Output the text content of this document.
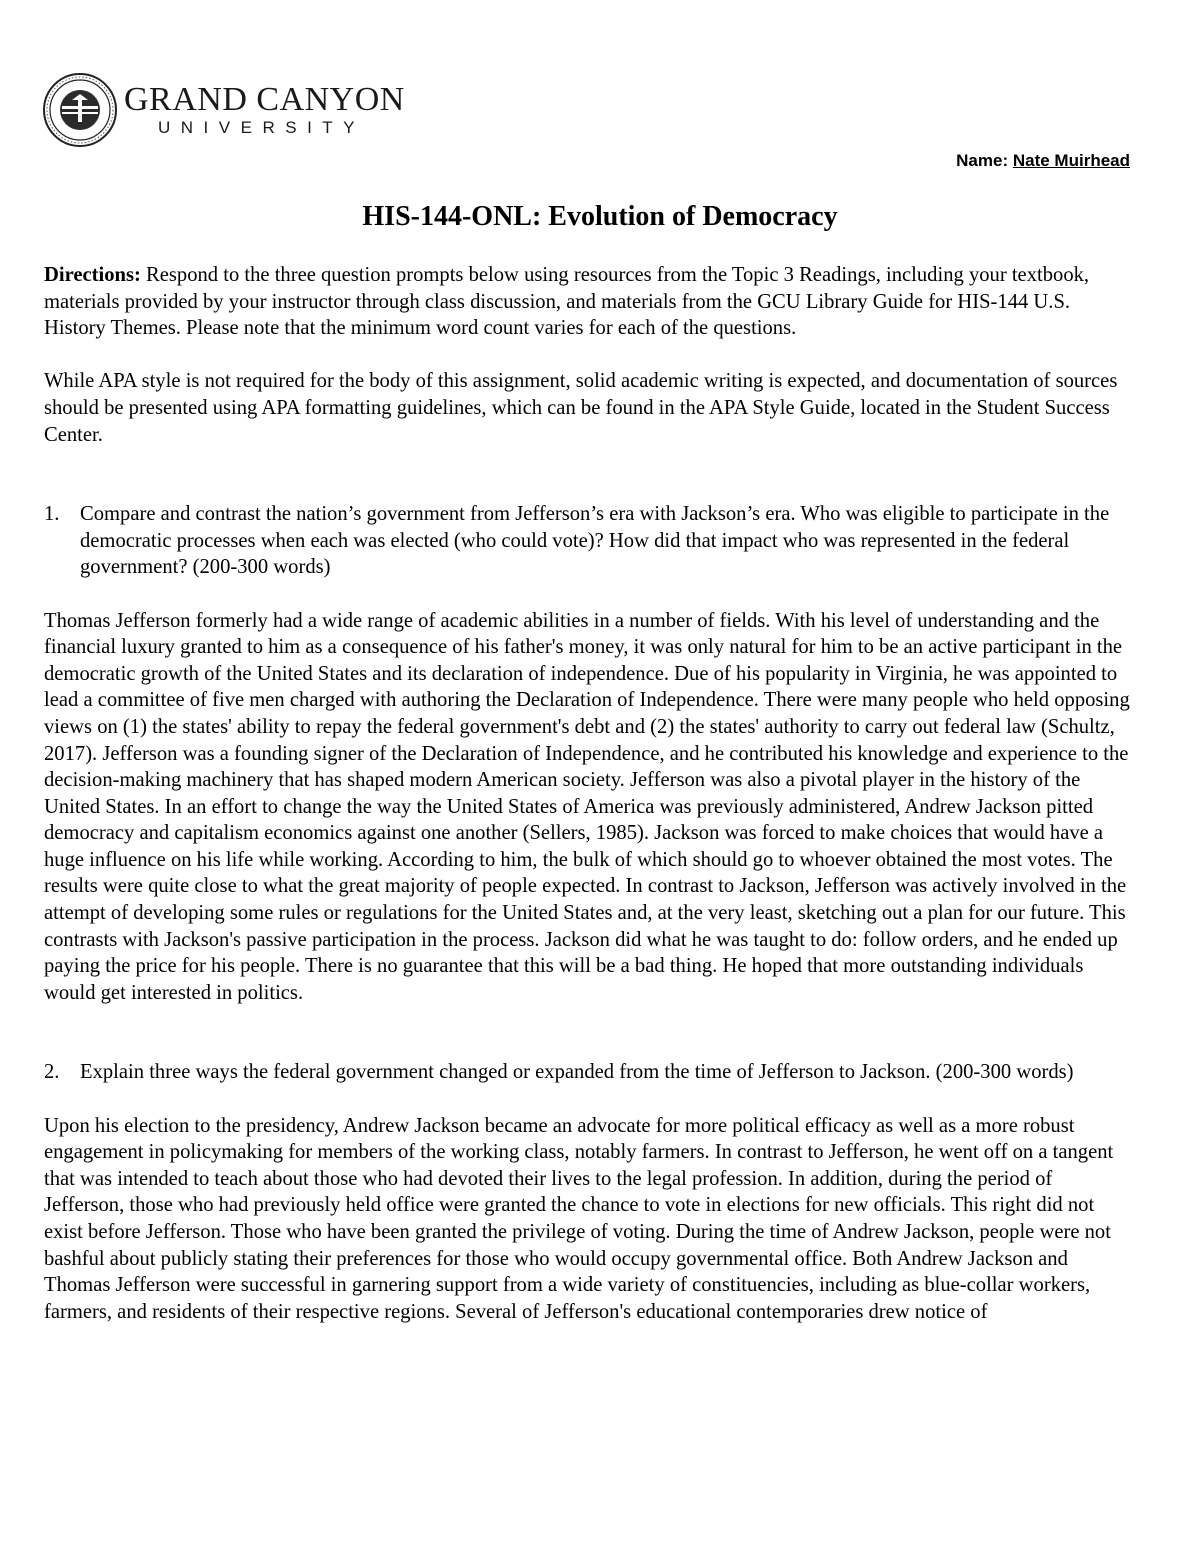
GRAND CANYON
UNIVERSITY
Name: Nate Muirhead
HIS-144-ONL: Evolution of Democracy

Directions: Respond to the three question prompts below using resources from the Topic 3 Readings, including your textbook, materials provided by your instructor through class discussion, and materials from the GCU Library Guide for HIS-144 U.S. History Themes. Please note that the minimum word count varies for each of the questions.

While APA style is not required for the body of this assignment, solid academic writing is expected, and documentation of sources should be presented using APA formatting guidelines, which can be found in the APA Style Guide, located in the Student Success Center.

1. Compare and contrast the nation’s government from Jefferson’s era with Jackson’s era. Who was eligible to participate in the democratic processes when each was elected (who could vote)? How did that impact who was represented in the federal government? (200-300 words)

Thomas Jefferson formerly had a wide range of academic abilities in a number of fields. With his level of understanding and the financial luxury granted to him as a consequence of his father's money, it was only natural for him to be an active participant in the democratic growth of the United States and its declaration of independence. Due of his popularity in Virginia, he was appointed to lead a committee of five men charged with authoring the Declaration of Independence. There were many people who held opposing views on (1) the states' ability to repay the federal government's debt and (2) the states' authority to carry out federal law (Schultz, 2017). Jefferson was a founding signer of the Declaration of Independence, and he contributed his knowledge and experience to the decision-making machinery that has shaped modern American society. Jefferson was also a pivotal player in the history of the United States. In an effort to change the way the United States of America was previously administered, Andrew Jackson pitted democracy and capitalism economics against one another (Sellers, 1985). Jackson was forced to make choices that would have a huge influence on his life while working. According to him, the bulk of which should go to whoever obtained the most votes. The results were quite close to what the great majority of people expected. In contrast to Jackson, Jefferson was actively involved in the attempt of developing some rules or regulations for the United States and, at the very least, sketching out a plan for our future. This contrasts with Jackson's passive participation in the process. Jackson did what he was taught to do: follow orders, and he ended up paying the price for his people. There is no guarantee that this will be a bad thing. He hoped that more outstanding individuals would get interested in politics.

2. Explain three ways the federal government changed or expanded from the time of Jefferson to Jackson. (200-300 words)

Upon his election to the presidency, Andrew Jackson became an advocate for more political efficacy as well as a more robust engagement in policymaking for members of the working class, notably farmers. In contrast to Jefferson, he went off on a tangent that was intended to teach about those who had devoted their lives to the legal profession. In addition, during the period of Jefferson, those who had previously held office were granted the chance to vote in elections for new officials. This right did not exist before Jefferson. Those who have been granted the privilege of voting. During the time of Andrew Jackson, people were not bashful about publicly stating their preferences for those who would occupy governmental office. Both Andrew Jackson and Thomas Jefferson were successful in garnering support from a wide variety of constituencies, including as blue-collar workers, farmers, and residents of their respective regions. Several of Jefferson's educational contemporaries drew notice of
